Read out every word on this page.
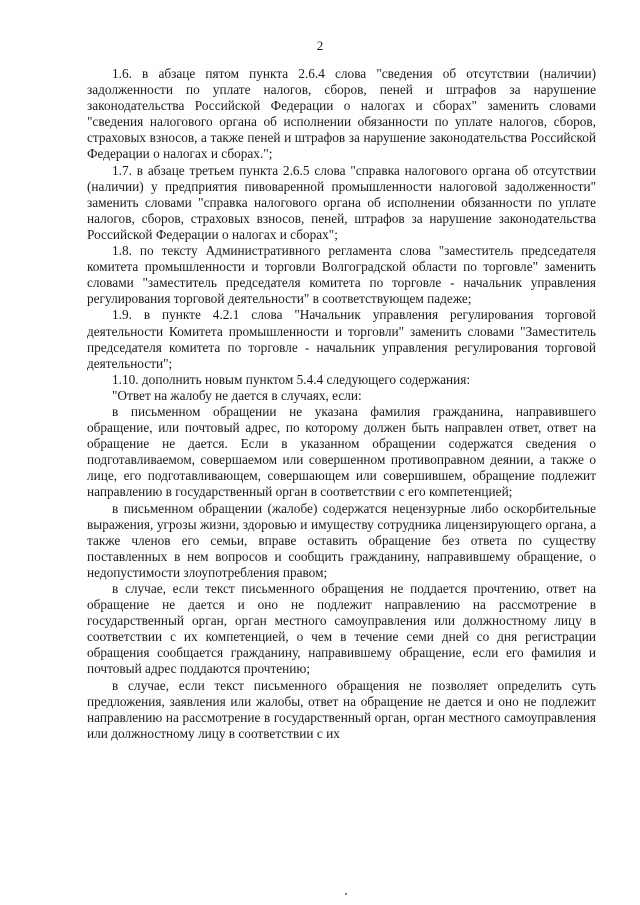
2

1.6. в абзаце пятом пункта 2.6.4 слова "сведения об отсутствии (наличии) задолженности по уплате налогов, сборов, пеней и штрафов за нарушение законодательства Российской Федерации о налогах и сборах" заменить словами "сведения налогового органа об исполнении обязанности по уплате налогов, сборов, страховых взносов, а также пеней и штрафов за нарушение законодательства Российской Федерации о налогах и сборах.";

1.7. в абзаце третьем пункта 2.6.5 слова "справка налогового органа об отсутствии (наличии) у предприятия пивоваренной промышленности налоговой задолженности" заменить словами "справка налогового органа об исполнении обязанности по уплате налогов, сборов, страховых взносов, пеней, штрафов за нарушение законодательства Российской Федерации о налогах и сборах";

1.8. по тексту Административного регламента слова "заместитель председателя комитета промышленности и торговли Волгоградской области по торговле" заменить словами "заместитель председателя комитета по торговле - начальник управления регулирования торговой деятельности" в соответствующем падеже;

1.9. в пункте 4.2.1 слова "Начальник управления регулирования торговой деятельности Комитета промышленности и торговли" заменить словами "Заместитель председателя комитета по торговле - начальник управления регулирования торговой деятельности";

1.10. дополнить новым пунктом 5.4.4 следующего содержания:

"Ответ на жалобу не дается в случаях, если:

в письменном обращении не указана фамилия гражданина, направившего обращение, или почтовый адрес, по которому должен быть направлен ответ, ответ на обращение не дается. Если в указанном обращении содержатся сведения о подготавливаемом, совершаемом или совершенном противоправном деянии, а также о лице, его подготавливающем, совершающем или совершившем, обращение подлежит направлению в государственный орган в соответствии с его компетенцией;

в письменном обращении (жалобе) содержатся нецензурные либо оскорбительные выражения, угрозы жизни, здоровью и имуществу сотрудника лицензирующего органа, а также членов его семьи, вправе оставить обращение без ответа по существу поставленных в нем вопросов и сообщить гражданину, направившему обращение, о недопустимости злоупотребления правом;

в случае, если текст письменного обращения не поддается прочтению, ответ на обращение не дается и оно не подлежит направлению на рассмотрение в государственный орган, орган местного самоуправления или должностному лицу в соответствии с их компетенцией, о чем в течение семи дней со дня регистрации обращения сообщается гражданину, направившему обращение, если его фамилия и почтовый адрес поддаются прочтению;

в случае, если текст письменного обращения не позволяет определить суть предложения, заявления или жалобы, ответ на обращение не дается и оно не подлежит направлению на рассмотрение в государственный орган, орган местного самоуправления или должностному лицу в соответствии с их
